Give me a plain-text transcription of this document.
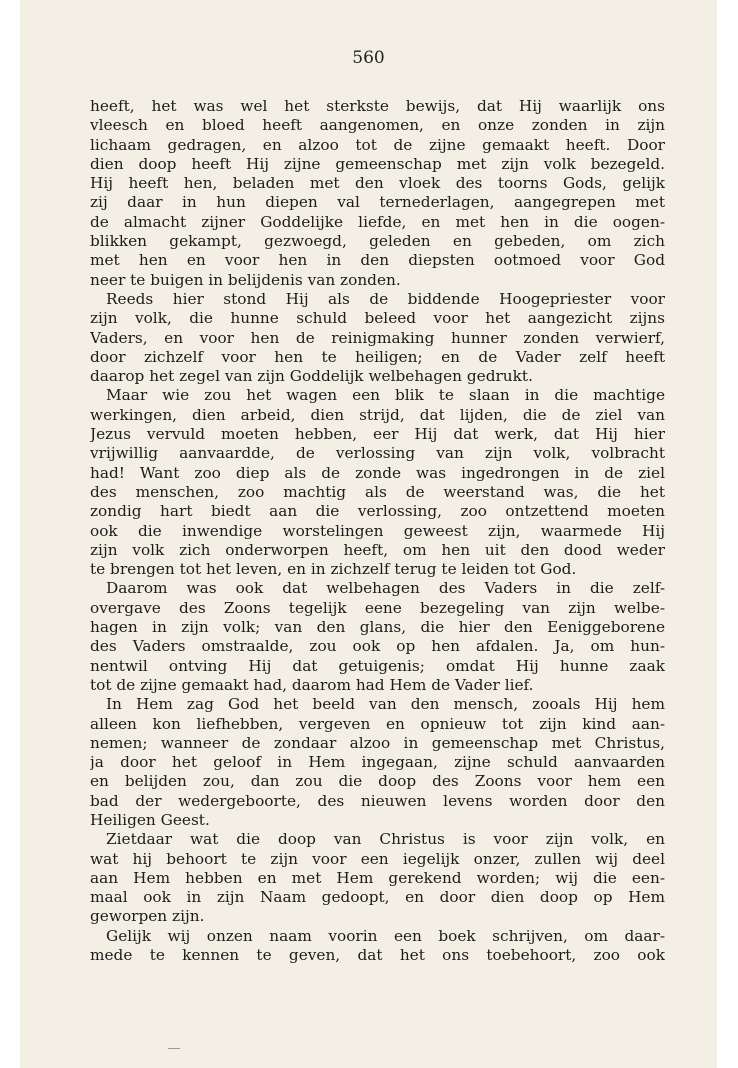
560
heeft, het was wel het sterkste bewijs, dat Hij waarlijk ons
vleesch en bloed heeft aangenomen, en onze zonden in zijn
lichaam gedragen, en alzoo tot de zijne gemaakt heeft. Door
dien doop heeft Hij zijne gemeenschap met zijn volk bezegeld.
Hij heeft hen, beladen met den vloek des toorns Gods, gelijk
zij daar in hun diepen val ternederlagen, aangegrepen met
de almacht zijner Goddelijke liefde, en met hen in die oogen-
blikken gekampt, gezwoegd, geleden en gebeden, om zich
met hen en voor hen in den diepsten ootmoed voor God
neer te buigen in belijdenis van zonden.
Reeds hier stond Hij als de biddende Hoogepriester voor
zijn volk, die hunne schuld beleed voor het aangezicht zijns
Vaders, en voor hen de reinigmaking hunner zonden verwierf,
door zichzelf voor hen te heiligen; en de Vader zelf heeft
daarop het zegel van zijn Goddelijk welbehagen gedrukt.
Maar wie zou het wagen een blik te slaan in die machtige
werkingen, dien arbeid, dien strijd, dat lijden, die de ziel van
Jezus vervuld moeten hebben, eer Hij dat werk, dat Hij hier
vrijwillig aanvaardde, de verlossing van zijn volk, volbracht
had! Want zoo diep als de zonde was ingedrongen in de ziel
des menschen, zoo machtig als de weerstand was, die het
zondig hart biedt aan die verlossing, zoo ontzettend moeten
ook die inwendige worstelingen geweest zijn, waarmede Hij
zijn volk zich onderworpen heeft, om hen uit den dood weder
te brengen tot het leven, en in zichzelf terug te leiden tot God.
Daarom was ook dat welbehagen des Vaders in die zelf-
overgave des Zoons tegelijk eene bezegeling van zijn welbe-
hagen in zijn volk; van den glans, die hier den Eeniggeborene
des Vaders omstraalde, zou ook op hen afdalen. Ja, om hun-
nentwil ontving Hij dat getuigenis; omdat Hij hunne zaak
tot de zijne gemaakt had, daarom had Hem de Vader lief.
In Hem zag God het beeld van den mensch, zooals Hij hem
alleen kon liefhebben, vergeven en opnieuw tot zijn kind aan-
nemen; wanneer de zondaar alzoo in gemeenschap met Christus,
ja door het geloof in Hem ingegaan, zijne schuld aanvaarden
en belijden zou, dan zou die doop des Zoons voor hem een
bad der wedergeboorte, des nieuwen levens worden door den
Heiligen Geest.
Zietdaar wat die doop van Christus is voor zijn volk, en
wat hij behoort te zijn voor een iegelijk onzer, zullen wij deel
aan Hem hebben en met Hem gerekend worden; wij die een-
maal ook in zijn Naam gedoopt, en door dien doop op Hem
geworpen zijn.
Gelijk wij onzen naam voorin een boek schrijven, om daar-
mede te kennen te geven, dat het ons toebehoort, zoo ook
